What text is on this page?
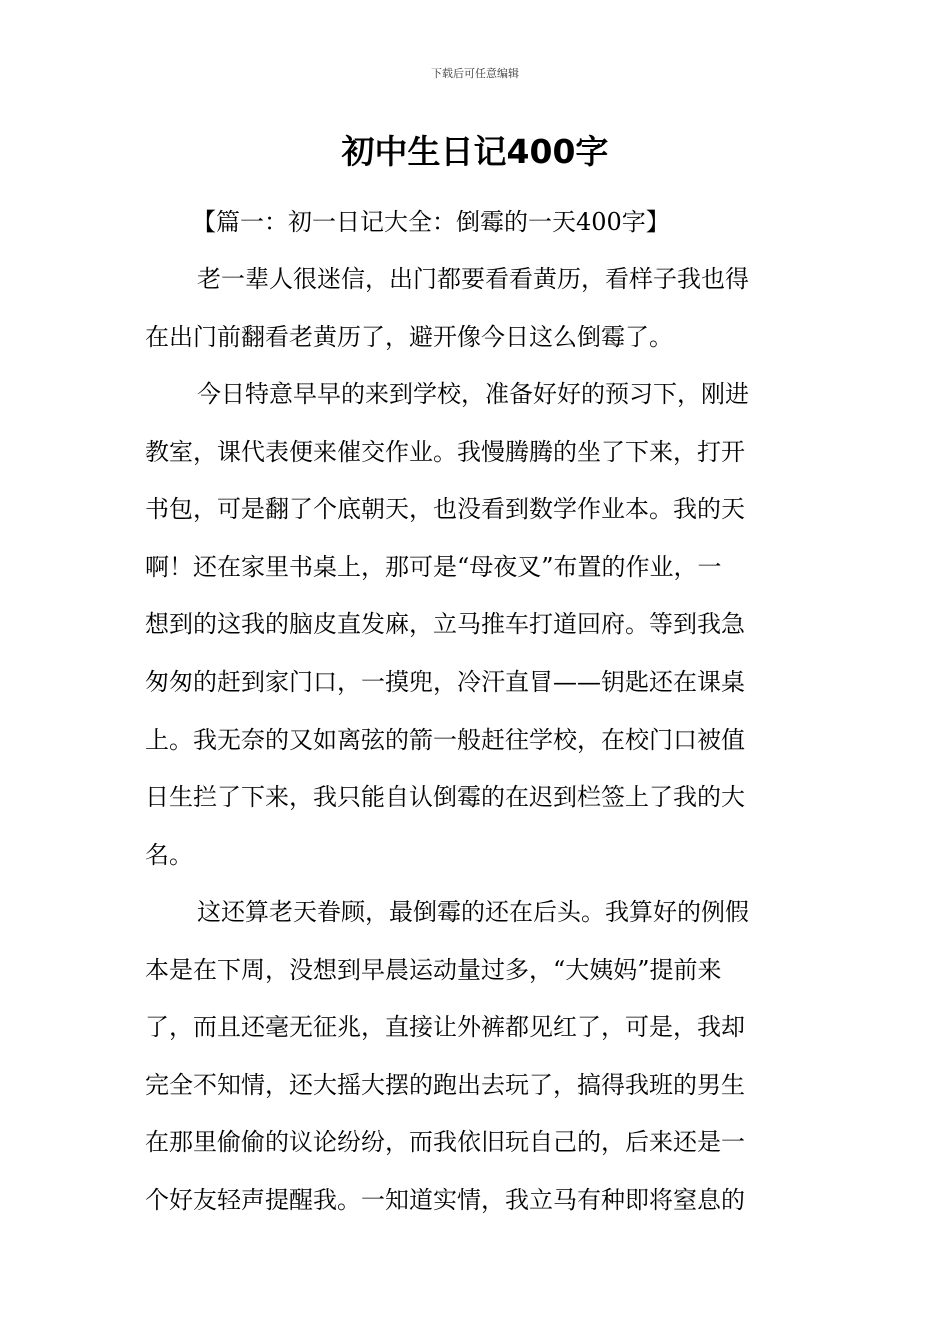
下载后可任意编辑
初中生日记400字
【篇一：初一日记大全：倒霉的一天400字】
老一辈人很迷信，出门都要看看黄历，看样子我也得
在出门前翻看老黄历了，避开像今日这么倒霉了。
今日特意早早的来到学校，准备好好的预习下，刚进
教室，课代表便来催交作业。我慢腾腾的坐了下来，打开
书包，可是翻了个底朝天，也没看到数学作业本。我的天
啊！还在家里书桌上，那可是“母夜叉”布置的作业，一
想到的这我的脑皮直发麻，立马推车打道回府。等到我急
匆匆的赶到家门口，一摸兜，冷汗直冒——钥匙还在课桌
上。我无奈的又如离弦的箭一般赶往学校，在校门口被值
日生拦了下来，我只能自认倒霉的在迟到栏签上了我的大
名。
这还算老天眷顾，最倒霉的还在后头。我算好的例假
本是在下周，没想到早晨运动量过多，“大姨妈”提前来
了，而且还毫无征兆，直接让外裤都见红了，可是，我却
完全不知情，还大摇大摆的跑出去玩了，搞得我班的男生
在那里偷偷的议论纷纷，而我依旧玩自己的，后来还是一
个好友轻声提醒我。一知道实情，我立马有种即将窒息的
